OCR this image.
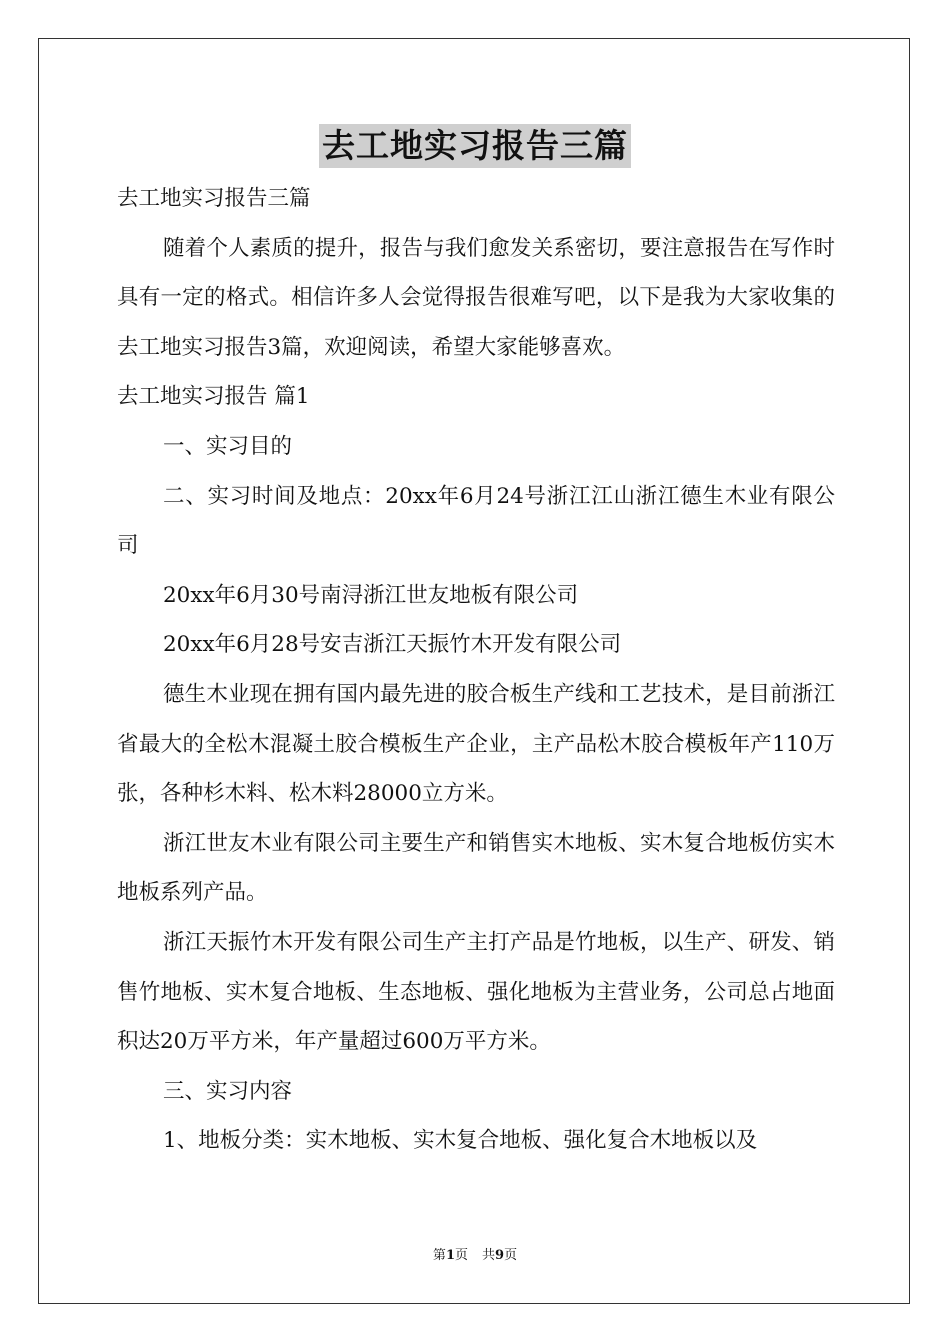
去工地实习报告三篇

去工地实习报告三篇

随着个人素质的提升，报告与我们愈发关系密切，要注意报告在写作时具有一定的格式。相信许多人会觉得报告很难写吧，以下是我为大家收集的去工地实习报告3篇，欢迎阅读，希望大家能够喜欢。

去工地实习报告 篇1

一、实习目的

二、实习时间及地点：20xx年6月24号浙江江山浙江德生木业有限公司

20xx年6月30号南浔浙江世友地板有限公司

20xx年6月28号安吉浙江天振竹木开发有限公司

德生木业现在拥有国内最先进的胶合板生产线和工艺技术，是目前浙江省最大的全松木混凝土胶合模板生产企业，主产品松木胶合模板年产110万张，各种杉木料、松木料28000立方米。

浙江世友木业有限公司主要生产和销售实木地板、实木复合地板仿实木地板系列产品。

浙江天振竹木开发有限公司生产主打产品是竹地板，以生产、研发、销售竹地板、实木复合地板、生态地板、强化地板为主营业务，公司总占地面积达20万平方米，年产量超过600万平方米。

三、实习内容

1、地板分类：实木地板、实木复合地板、强化复合木地板以及

第1页 共9页
